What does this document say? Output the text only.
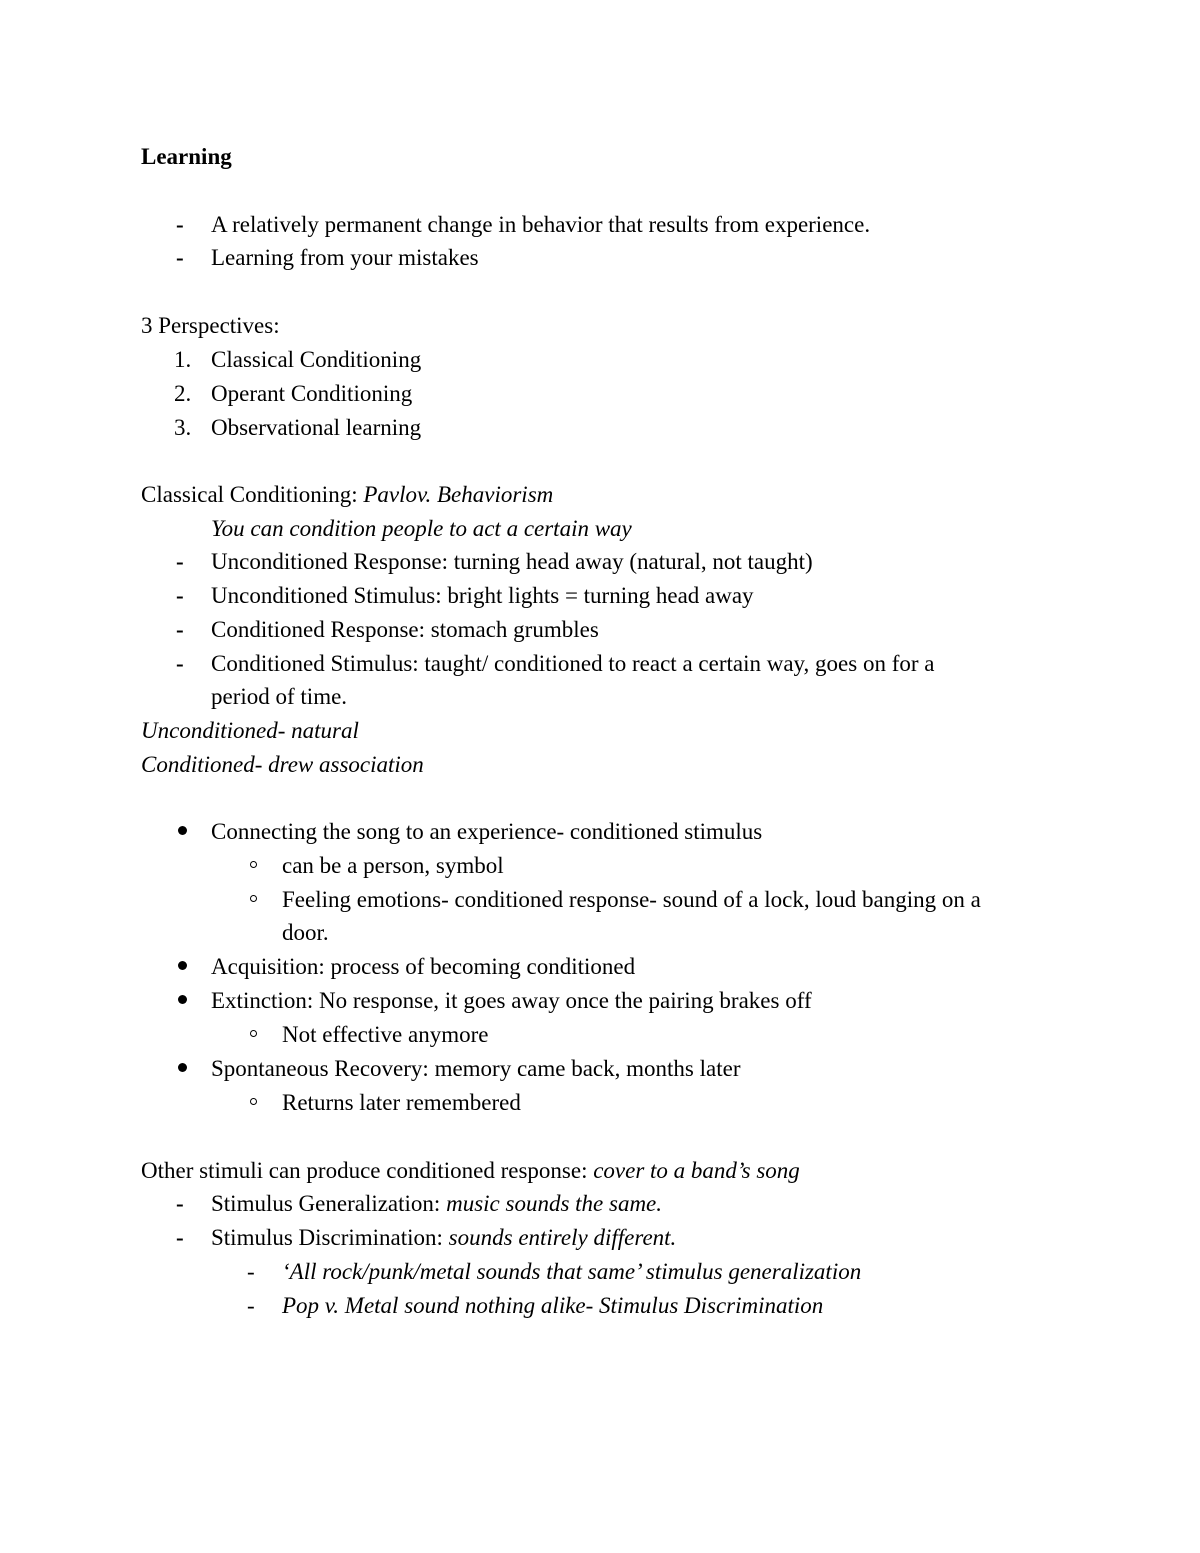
Learning
- A relatively permanent change in behavior that results from experience.
- Learning from your mistakes
3 Perspectives:
1. Classical Conditioning
2. Operant Conditioning
3. Observational learning
Classical Conditioning: Pavlov. Behaviorism
You can condition people to act a certain way
- Unconditioned Response: turning head away (natural, not taught)
- Unconditioned Stimulus: bright lights = turning head away
- Conditioned Response: stomach grumbles
- Conditioned Stimulus: taught/ conditioned to react a certain way, goes on for a
period of time.
Unconditioned- natural
Conditioned- drew association
Connecting the song to an experience- conditioned stimulus
can be a person, symbol
Feeling emotions- conditioned response- sound of a lock, loud banging on a
door.
Acquisition: process of becoming conditioned
Extinction: No response, it goes away once the pairing brakes off
Not effective anymore
Spontaneous Recovery: memory came back, months later
Returns later remembered
Other stimuli can produce conditioned response: cover to a band’s song
- Stimulus Generalization: music sounds the same.
- Stimulus Discrimination: sounds entirely different.
- ‘All rock/punk/metal sounds that same’ stimulus generalization
- Pop v. Metal sound nothing alike- Stimulus Discrimination
